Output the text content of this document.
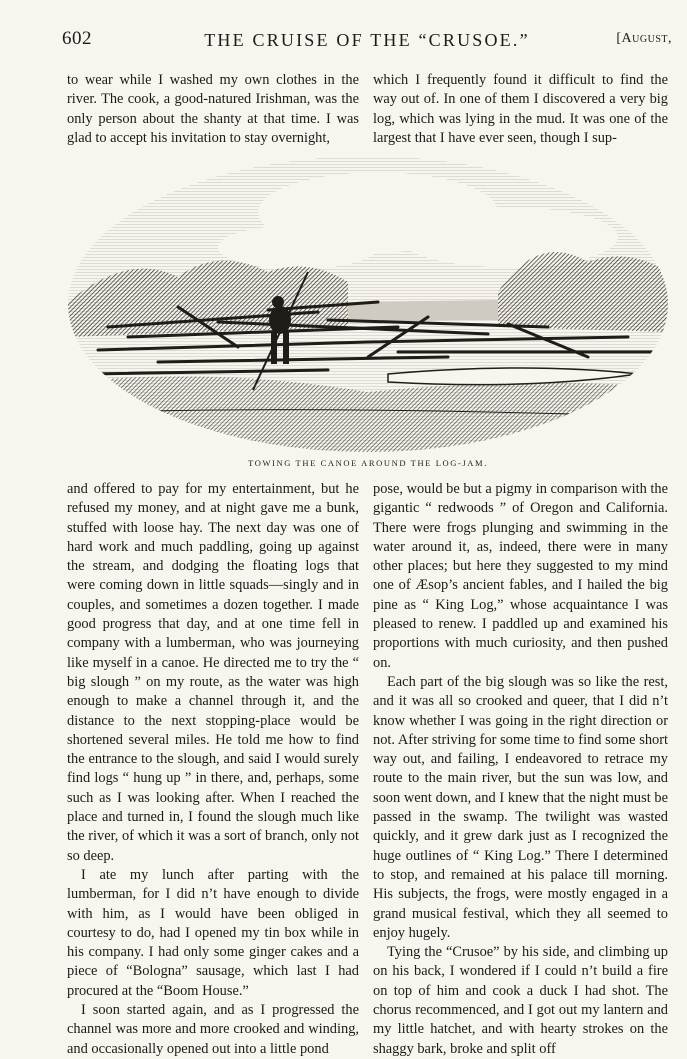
602	THE CRUISE OF THE “CRUSOE.”	[August,

to wear while I washed my own clothes in the river. The cook, a good-natured Irishman, was the only person about the shanty at that time. I was glad to accept his invitation to stay overnight,

which I frequently found it difficult to find the way out of. In one of them I discovered a very big log, which was lying in the mud. It was one of the largest that I have ever seen, though I sup-

TOWING THE CANOE AROUND THE LOG-JAM.

and offered to pay for my entertainment, but he refused my money, and at night gave me a bunk, stuffed with loose hay. The next day was one of hard work and much paddling, going up against the stream, and dodging the floating logs that were coming down in little squads—singly and in couples, and sometimes a dozen together. I made good progress that day, and at one time fell in company with a lumberman, who was journeying like myself in a canoe. He directed me to try the “ big slough ” on my route, as the water was high enough to make a channel through it, and the distance to the next stopping-place would be shortened several miles. He told me how to find the entrance to the slough, and said I would surely find logs “ hung up ” in there, and, perhaps, some such as I was looking after. When I reached the place and turned in, I found the slough much like the river, of which it was a sort of branch, only not so deep.

I ate my lunch after parting with the lumberman, for I did n’t have enough to divide with him, as I would have been obliged in courtesy to do, had I opened my tin box while in his company. I had only some ginger cakes and a piece of “Bologna” sausage, which last I had procured at the “Boom House.”

I soon started again, and as I progressed the channel was more and more crooked and winding, and occasionally opened out into a little pond

pose, would be but a pigmy in comparison with the gigantic “ redwoods ” of Oregon and California. There were frogs plunging and swimming in the water around it, as, indeed, there were in many other places; but here they suggested to my mind one of Æsop’s ancient fables, and I hailed the big pine as “ King Log,” whose acquaintance I was pleased to renew. I paddled up and examined his proportions with much curiosity, and then pushed on.

Each part of the big slough was so like the rest, and it was all so crooked and queer, that I did n’t know whether I was going in the right direction or not. After striving for some time to find some short way out, and failing, I endeavored to retrace my route to the main river, but the sun was low, and soon went down, and I knew that the night must be passed in the swamp. The twilight was wasted quickly, and it grew dark just as I recognized the huge outlines of “ King Log.” There I determined to stop, and remained at his palace till morning. His subjects, the frogs, were mostly engaged in a grand musical festival, which they all seemed to enjoy hugely.

Tying the “Crusoe” by his side, and climbing up on his back, I wondered if I could n’t build a fire on top of him and cook a duck I had shot. The chorus recommenced, and I got out my lantern and my little hatchet, and with hearty strokes on the shaggy bark, broke and split off
